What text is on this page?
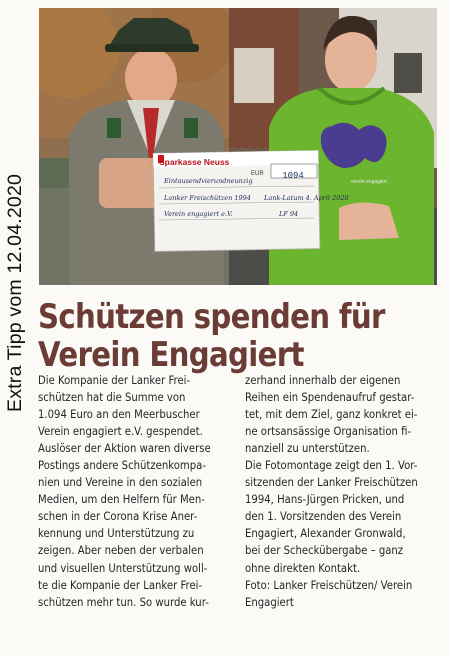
Extra Tipp vom 12.04.2020
Sparkasse Neuss
EUR	1094
Eintausendvierundneunzig
Lanker Freischützen 1994 Lank-Latum 4. April 2020
Verein engagiert e.V.	LF 94
verein engagiert
Schützen spenden für
Verein Engagiert
Die Kompanie der Lanker Frei-
schützen hat die Summe von
1.094 Euro an den Meerbuscher
Verein engagiert e.V. gespendet.
Auslöser der Aktion waren diverse
Postings andere Schützenkompa-
nien und Vereine in den sozialen
Medien, um den Helfern für Men-
schen in der Corona Krise Aner-
kennung und Unterstützung zu
zeigen. Aber neben der verbalen
und visuellen Unterstützung woll-
te die Kompanie der Lanker Frei-
schützen mehr tun. So wurde kur-
zerhand innerhalb der eigenen
Reihen ein Spendenaufruf gestar-
tet, mit dem Ziel, ganz konkret ei-
ne ortsansässige Organisation fi-
nanziell zu unterstützen.
Die Fotomontage zeigt den 1. Vor-
sitzenden der Lanker Freischützen
1994, Hans-Jürgen Pricken, und
den 1. Vorsitzenden des Verein
Engagiert, Alexander Gronwald,
bei der Scheckübergabe – ganz
ohne direkten Kontakt.
Foto: Lanker Freischützen/ Verein
Engagiert
